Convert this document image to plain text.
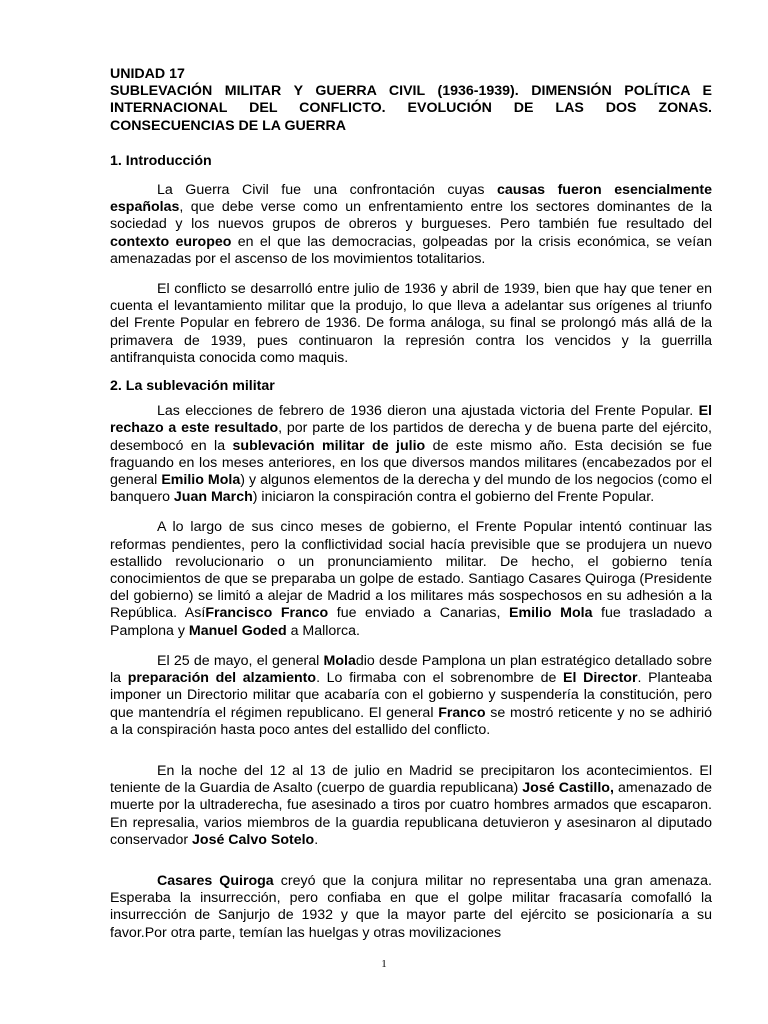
UNIDAD 17
SUBLEVACIÓN MILITAR Y GUERRA CIVIL (1936-1939). DIMENSIÓN POLÍTICA E INTERNACIONAL DEL CONFLICTO. EVOLUCIÓN DE LAS DOS ZONAS. CONSECUENCIAS DE LA GUERRA
1. Introducción

La Guerra Civil fue una confrontación cuyas causas fueron esencialmente españolas, que debe verse como un enfrentamiento entre los sectores dominantes de la sociedad y los nuevos grupos de obreros y burgueses. Pero también fue resultado del contexto europeo en el que las democracias, golpeadas por la crisis económica, se veían amenazadas por el ascenso de los movimientos totalitarios.

El conflicto se desarrolló entre julio de 1936 y abril de 1939, bien que hay que tener en cuenta el levantamiento militar que la produjo, lo que lleva a adelantar sus orígenes al triunfo del Frente Popular en febrero de 1936. De forma análoga, su final se prolongó más allá de la primavera de 1939, pues continuaron la represión contra los vencidos y la guerrilla antifranquista conocida como maquis.

2. La sublevación militar

Las elecciones de febrero de 1936 dieron una ajustada victoria del Frente Popular. El rechazo a este resultado, por parte de los partidos de derecha y de buena parte del ejército, desembocó en la sublevación militar de julio de este mismo año. Esta decisión se fue fraguando en los meses anteriores, en los que diversos mandos militares (encabezados por el general Emilio Mola) y algunos elementos de la derecha y del mundo de los negocios (como el banquero Juan March) iniciaron la conspiración contra el gobierno del Frente Popular.

A lo largo de sus cinco meses de gobierno, el Frente Popular intentó continuar las reformas pendientes, pero la conflictividad social hacía previsible que se produjera un nuevo estallido revolucionario o un pronunciamiento militar. De hecho, el gobierno tenía conocimientos de que se preparaba un golpe de estado. Santiago Casares Quiroga (Presidente del gobierno) se limitó a alejar de Madrid a los militares más sospechosos en su adhesión a la República. AsíFrancisco Franco fue enviado a Canarias, Emilio Mola fue trasladado a Pamplona y Manuel Goded a Mallorca.

El 25 de mayo, el general Moladio desde Pamplona un plan estratégico detallado sobre la preparación del alzamiento. Lo firmaba con el sobrenombre de El Director. Planteaba imponer un Directorio militar que acabaría con el gobierno y suspendería la constitución, pero que mantendría el régimen republicano. El general Franco se mostró reticente y no se adhirió a la conspiración hasta poco antes del estallido del conflicto.

En la noche del 12 al 13 de julio en Madrid se precipitaron los acontecimientos. El teniente de la Guardia de Asalto (cuerpo de guardia republicana) José Castillo, amenazado de muerte por la ultraderecha, fue asesinado a tiros por cuatro hombres armados que escaparon. En represalia, varios miembros de la guardia republicana detuvieron y asesinaron al diputado conservador José Calvo Sotelo.

Casares Quiroga creyó que la conjura militar no representaba una gran amenaza. Esperaba la insurrección, pero confiaba en que el golpe militar fracasaría comofalló la insurrección de Sanjurjo de 1932 y que la mayor parte del ejército se posicionaría a su favor.Por otra parte, temían las huelgas y otras movilizaciones

1
